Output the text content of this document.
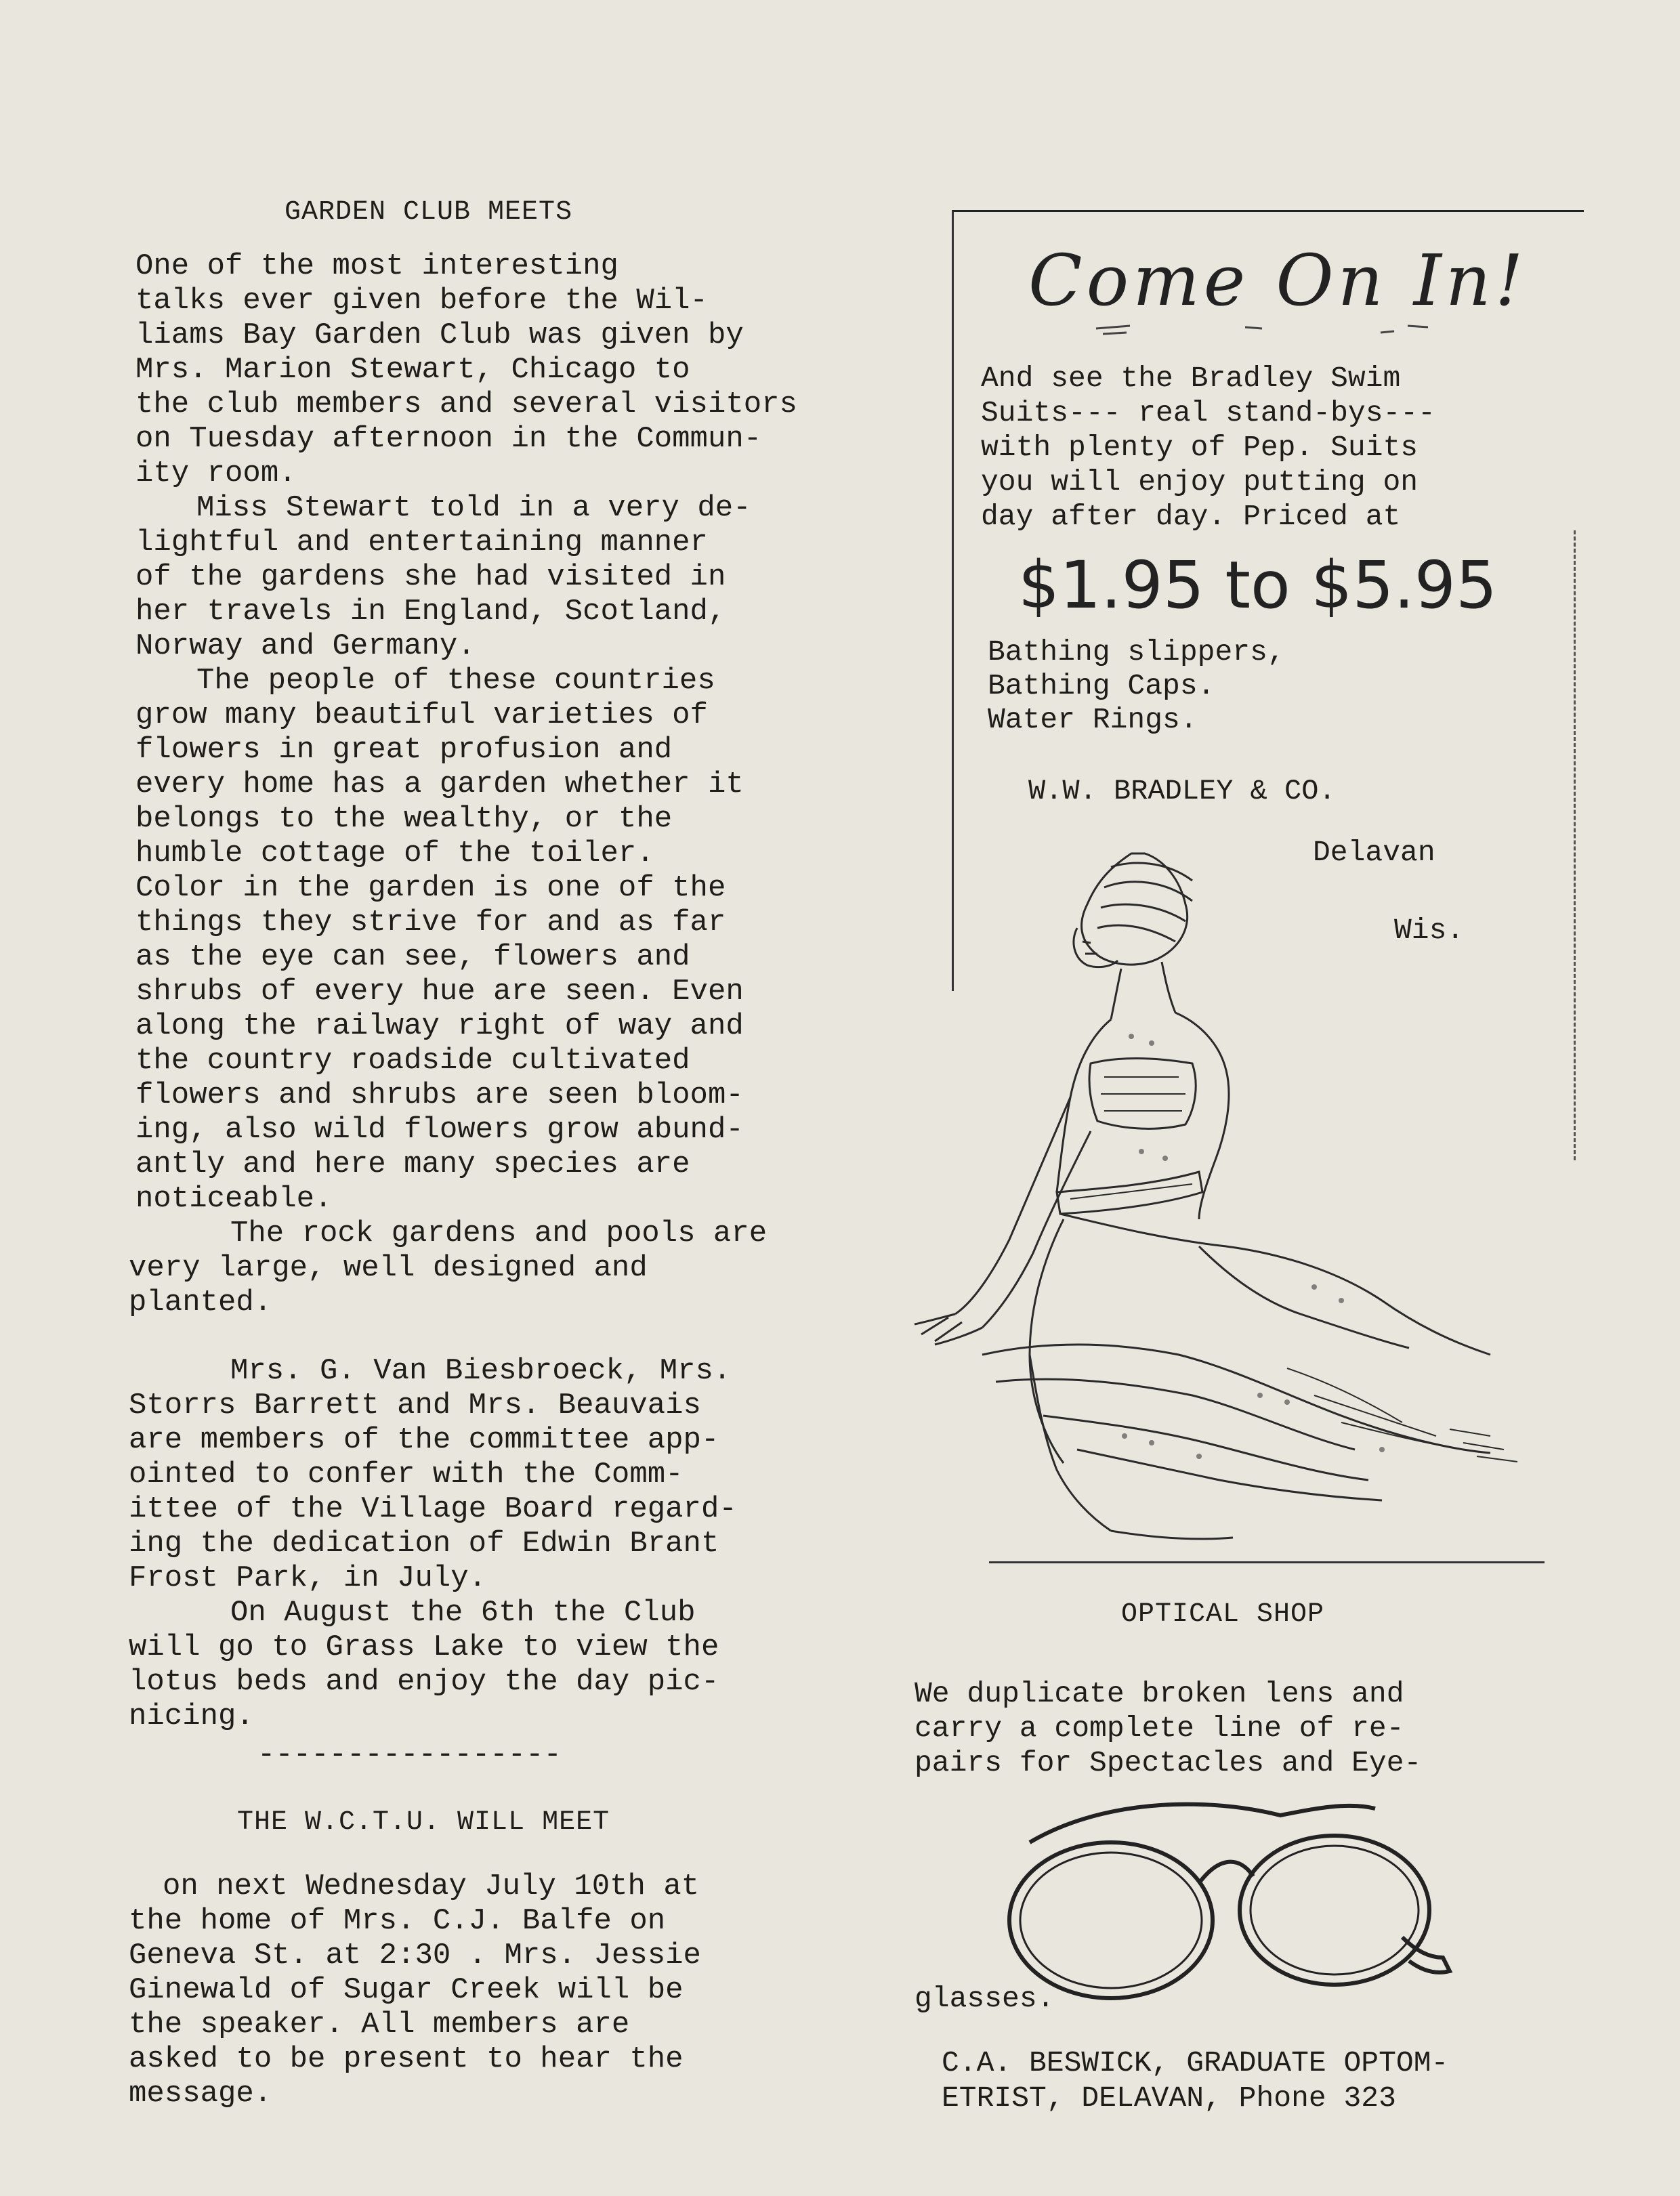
GARDEN CLUB MEETS

One of the most interesting
talks ever given before the Wil-
liams Bay Garden Club was given by
Mrs. Marion Stewart, Chicago to
the club members and several visitors
on Tuesday afternoon in the Commun-
ity room.

Miss Stewart told in a very de-
lightful and entertaining manner
of the gardens she had visited in
her travels in England, Scotland,
Norway and Germany.

The people of these countries
grow many beautiful varieties of
flowers in great profusion and
every home has a garden whether it
belongs to the wealthy, or the
humble cottage of the toiler.
Color in the garden is one of the
things they strive for and as far
as the eye can see, flowers and
shrubs of every hue are seen. Even
along the railway right of way and
the country roadside cultivated
flowers and shrubs are seen bloom-
ing, also wild flowers grow abund-
antly and here many species are
noticeable.

The rock gardens and pools are
very large, well designed and
planted.

Mrs. G. Van Biesbroeck, Mrs.
Storrs Barrett and Mrs. Beauvais
are members of the committee app-
ointed to confer with the Comm-
ittee of the Village Board regard-
ing the dedication of Edwin Brant
Frost Park, in July.

On August the 6th the Club
will go to Grass Lake to view the
lotus beds and enjoy the day pic-
nicing.

-----------------
THE W.C.T.U. WILL MEET

on next Wednesday July 10th at
the home of Mrs. C.J. Balfe on
Geneva St. at 2:30 . Mrs. Jessie
Ginewald of Sugar Creek will be
the speaker. All members are
asked to be present to hear the
message.

Come On In!

And see the Bradley Swim
Suits--- real stand-bys---
with plenty of Pep. Suits
you will enjoy putting on
day after day. Priced at

$1.95 to $5.95

Bathing slippers,
Bathing Caps.
Water Rings.

W.W. BRADLEY & CO.
Delavan
Wis.
OPTICAL SHOP

We duplicate broken lens and
carry a complete line of re-
pairs for Spectacles and Eye-

glasses.

C.A. BESWICK, GRADUATE OPTOM-
ETRIST, DELAVAN, Phone 323
